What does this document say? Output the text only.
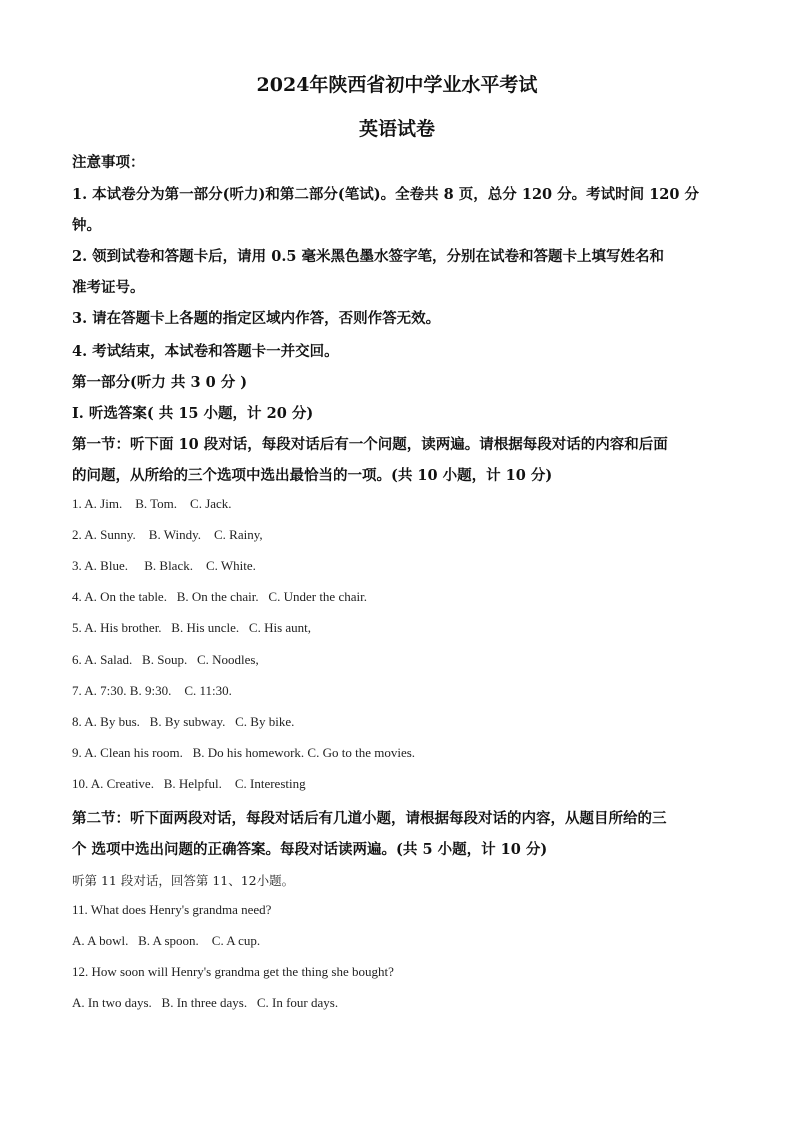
2024年陕西省初中学业水平考试
英语试卷
注意事项：
1. 本试卷分为第一部分(听力)和第二部分(笔试)。全卷共 8 页，总分 120 分。考试时间 120 分
钟。
2. 领到试卷和答题卡后，请用 0.5 毫米黑色墨水签字笔，分别在试卷和答题卡上填写姓名和
准考证号。
3. 请在答题卡上各题的指定区域内作答，否则作答无效。
4. 考试结束，本试卷和答题卡一并交回。
第一部分(听力 共 3 0 分 )
I. 听选答案( 共 15 小题，计 20 分)
第一节：听下面 10 段对话，每段对话后有一个问题，读两遍。请根据每段对话的内容和后面
的问题，从所给的三个选项中选出最恰当的一项。(共 10 小题，计 10 分)
1. A. Jim.    B. Tom.    C. Jack.
2. A. Sunny.    B. Windy.    C. Rainy,
3. A. Blue.     B. Black.    C. White.
4. A. On the table.   B. On the chair.   C. Under the chair.
5. A. His brother.   B. His uncle.   C. His aunt,
6. A. Salad.   B. Soup.   C. Noodles,
7. A. 7:30. B. 9:30.    C. 11:30.
8. A. By bus.   B. By subway.   C. By bike.
9. A. Clean his room.   B. Do his homework. C. Go to the movies.
10. A. Creative.   B. Helpful.    C. Interesting
第二节：听下面两段对话，每段对话后有几道小题，请根据每段对话的内容，从题目所给的三
个 选项中选出问题的正确答案。每段对话读两遍。(共 5 小题，计 10 分)
听第 11 段对话，回答第 11、12小题。
11. What does Henry's grandma need?
A. A bowl.   B. A spoon.    C. A cup.
12. How soon will Henry's grandma get the thing she bought?
A. In two days.   B. In three days.   C. In four days.
